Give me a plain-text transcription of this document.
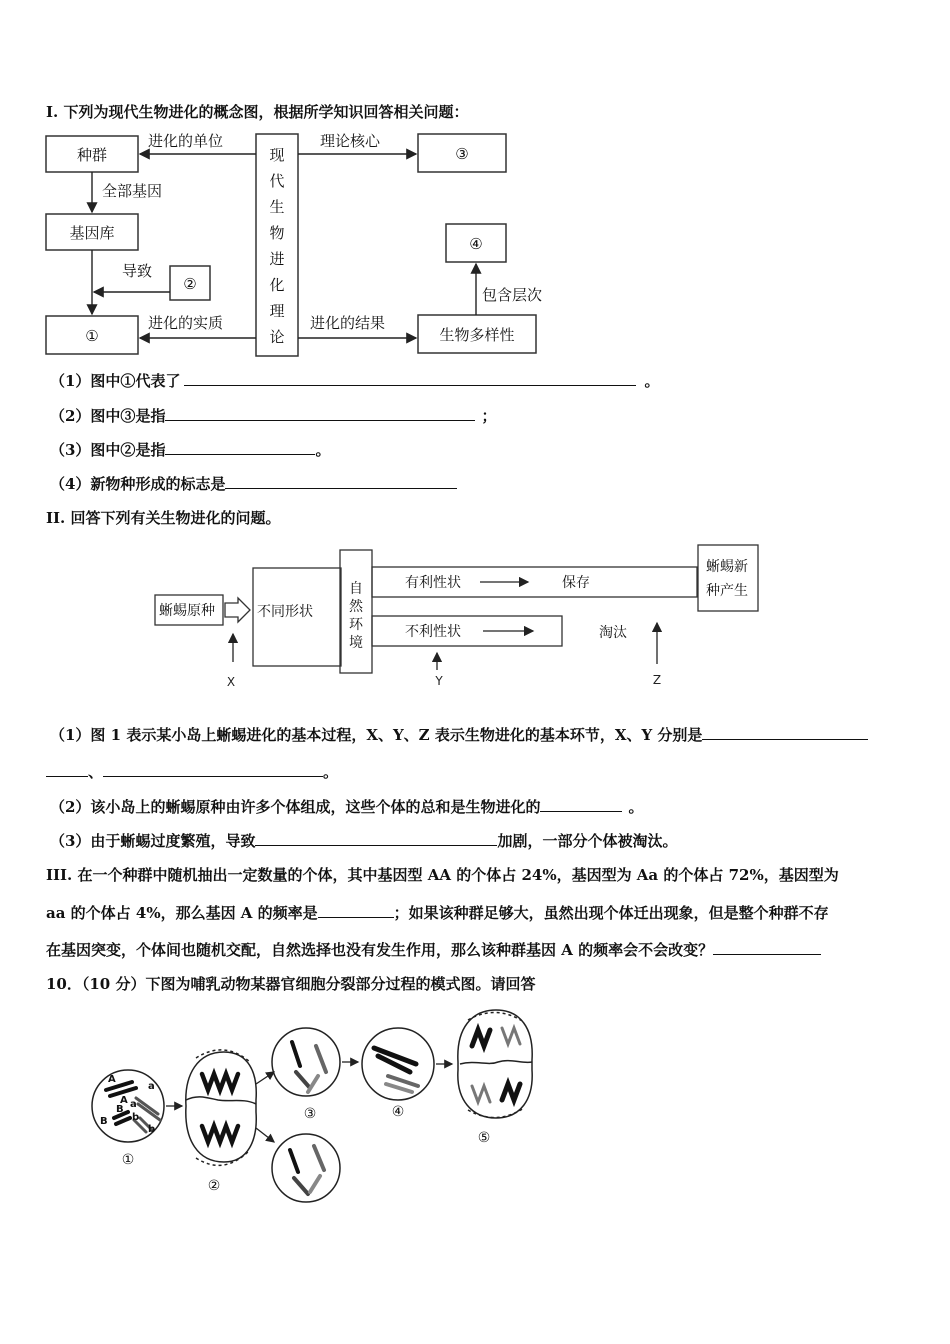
I. 下列为现代生物进化的概念图，根据所学知识回答相关问题：
种群
基因库
①
②
③
④
生物多样性
现
代
生
物
进
化
理
论
进化的单位	理论核心
全部基因
导致
进化的实质	进化的结果
包含层次
（1）图中①代表了	。
（2）图中③是指	；
（3）图中②是指	。
（4）新物种形成的标志是
II. 回答下列有关生物进化的问题。
蜥蜴原种	不同形状
有利性状	保存
不利性状	淘汰
蜥蜴新
种产生
自
然
环
境
X	Y	Z
（1）图 1 表示某小岛上蜥蜴进化的基本过程，X、Y、Z 表示生物进化的基本环节，X、Y 分别是
、	。
（2）该小岛上的蜥蜴原种由许多个体组成，这些个体的总和是生物进化的	。
（3）由于蜥蜴过度繁殖，导致	加剧，一部分个体被淘汰。
III. 在一个种群中随机抽出一定数量的个体，其中基因型 AA 的个体占 24%，基因型为 Aa 的个体占 72%，基因型为
aa 的个体占 4%，那么基因 A 的频率是	；如果该种群足够大，虽然出现个体迁出现象，但是整个种群不存
在基因突变，个体间也随机交配，自然选择也没有发生作用，那么该种群基因 A 的频率会不会改变？
10．（10 分）下图为哺乳动物某器官细胞分裂部分过程的模式图。请回答
A
A
a
a
B
B b
b
①
②
③	④
⑤
